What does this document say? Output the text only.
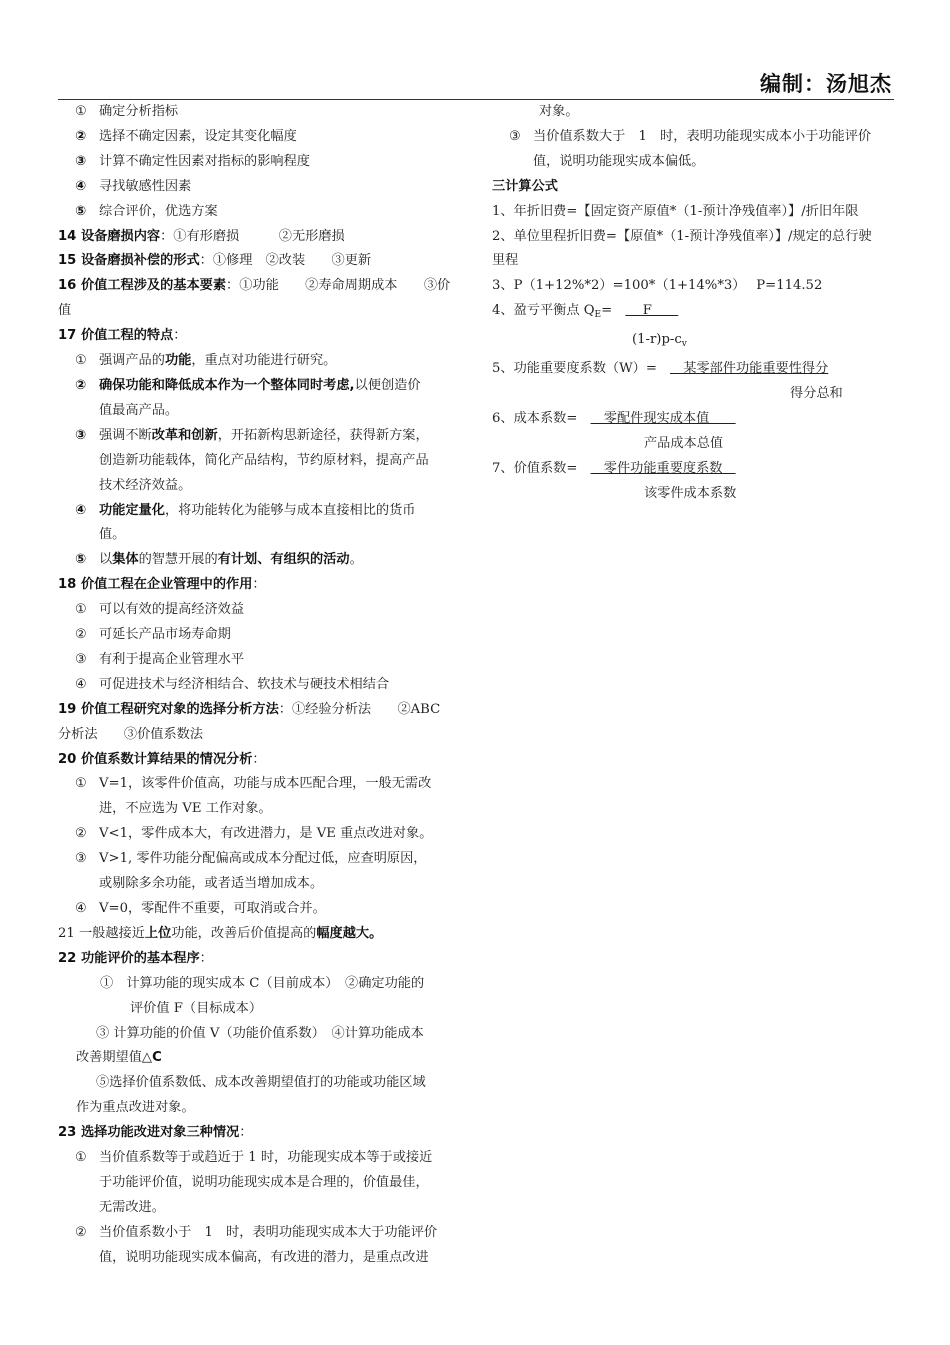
编制：汤旭杰
① 确定分析指标
② 选择不确定因素，设定其变化幅度
③ 计算不确定性因素对指标的影响程度
④ 寻找敏感性因素
⑤ 综合评价，优选方案
14 设备磨损内容：①有形磨损　　　②无形磨损
15 设备磨损补偿的形式：①修理　②改装　　③更新
16 价值工程涉及的基本要素：①功能　　②寿命周期成本　　③价
值
17 价值工程的特点：
① 强调产品的功能，重点对功能进行研究。
② 确保功能和降低成本作为一个整体同时考虑,以便创造价
值最高产品。
③ 强调不断改革和创新，开拓新构思新途径，获得新方案，
创造新功能载体，简化产品结构，节约原材料，提高产品
技术经济效益。
④ 功能定量化，将功能转化为能够与成本直接相比的货币
值。
⑤ 以集体的智慧开展的有计划、有组织的活动。
18 价值工程在企业管理中的作用：
① 可以有效的提高经济效益
② 可延长产品市场寿命期
③ 有利于提高企业管理水平
④ 可促进技术与经济相结合、软技术与硬技术相结合
19 价值工程研究对象的选择分析方法：①经验分析法　　②ABC
分析法　　③价值系数法
20 价值系数计算结果的情况分析：
① V=1，该零件价值高，功能与成本匹配合理，一般无需改
进，不应选为 VE 工作对象。
② V<1，零件成本大，有改进潜力，是 VE 重点改进对象。
③ V>1, 零件功能分配偏高或成本分配过低，应查明原因，
或剔除多余功能，或者适当增加成本。
④ V=0，零配件不重要，可取消或合并。
21 一般越接近上位功能，改善后价值提高的幅度越大。
22 功能评价的基本程序：
①　计算功能的现实成本 C（目前成本）　②确定功能的
评价值 F（目标成本）
③ 计算功能的价值 V（功能价值系数）　④计算功能成本
改善期望值△C
⑤选择价值系数低、成本改善期望值打的功能或功能区域
作为重点改进对象。
23 选择功能改进对象三种情况：
① 当价值系数等于或趋近于 1 时，功能现实成本等于或接近
于功能评价值，说明功能现实成本是合理的，价值最佳，
无需改进。
② 当价值系数小于　1　时，表明功能现实成本大于功能评价
值，说明功能现实成本偏高，有改进的潜力，是重点改进
对象。
③ 当价值系数大于　1　时，表明功能现实成本小于功能评价
值，说明功能现实成本偏低。
三计算公式
1、年折旧费=【固定资产原值*（1-预计净残值率）】/折旧年限
2、单位里程折旧费=【原值*（1-预计净残值率）】/规定的总行驶
里程
3、P（1+12%*2）=100*（1+14%*3）　 P=114.52
4、盈亏平衡点 $Q_E=$　　 F　　
$(1-r)p-c_v$
5、功能重要度系数（W）=　　某零部件功能重要性得分
得分总和
6、成本系数=　　零配件现实成本值　　
产品成本总值
7、价值系数=　　零件功能重要度系数　
该零件成本系数
